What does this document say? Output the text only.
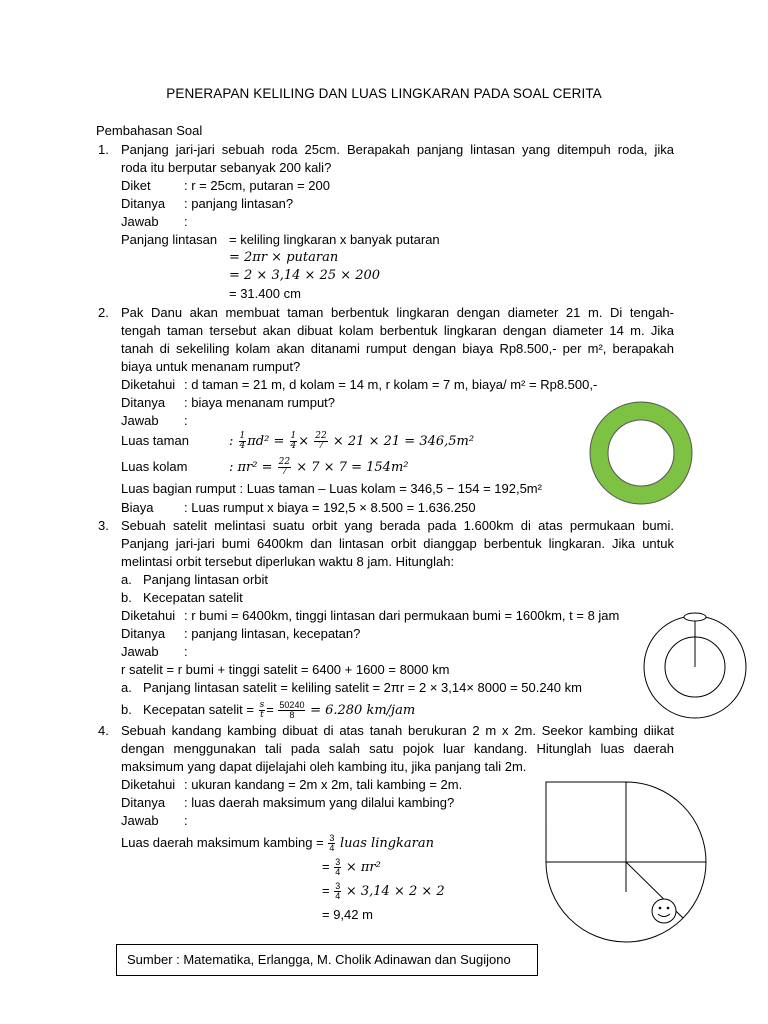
PENERAPAN KELILING DAN LUAS LINGKARAN PADA SOAL CERITA
Pembahasan Soal
1. Panjang jari-jari sebuah roda 25cm. Berapakah panjang lintasan yang ditempuh roda, jika
roda itu berputar sebanyak 200 kali?
Diket	: r = 25cm, putaran = 200
Ditanya : panjang lintasan?
Jawab :
Panjang lintasan = keliling lingkaran x banyak putaran
= 2πr × putaran
= 2 × 3,14 × 25 × 200
= 31.400 cm
2. Pak Danu akan membuat taman berbentuk lingkaran dengan diameter 21 m. Di tengah-
tengah taman tersebut akan dibuat kolam berbentuk lingkaran dengan diameter 14 m. Jika
tanah di sekeliling kolam akan ditanami rumput dengan biaya Rp8.500,- per m², berapakah
biaya untuk menanam rumput?
Diketahui : d taman = 21 m, d kolam = 14 m, r kolam = 7 m, biaya/ m² = Rp8.500,-
Ditanya : biaya menanam rumput?
Jawab :
Luas taman	: $\frac{1}{4} \pi d^2 = \frac{1}{4} \times \frac{22}{7} \times 21 \times 21 = 346,5m^2$
Luas kolam	: $\pi r^2 = \frac{22}{7} \times 7 \times 7 = 154m^2$
Luas bagian rumput : Luas taman – Luas kolam = 346,5 − 154 = 192,5m²
Biaya : Luas rumput x biaya = 192,5 × 8.500 = 1.636.250
3. Sebuah satelit melintasi suatu orbit yang berada pada 1.600km di atas permukaan bumi.
Panjang jari-jari bumi 6400km dan lintasan orbit dianggap berbentuk lingkaran. Jika untuk
melintasi orbit tersebut diperlukan waktu 8 jam. Hitunglah:
a. Panjang lintasan orbit
b. Kecepatan satelit
Diketahui : r bumi = 6400km, tinggi lintasan dari permukaan bumi = 1600km, t = 8 jam
Ditanya : panjang lintasan, kecepatan?
Jawab :
r satelit = r bumi + tinggi satelit = 6400 + 1600 = 8000 km
a. Panjang lintasan satelit = keliling satelit = 2πr = 2 × 3,14× 8000 = 50.240 km
b. Kecepatan satelit = $\frac{s}{t} = \frac{50240}{8} = 6.280$ km/jam
4. Sebuah kandang kambing dibuat di atas tanah berukuran 2 m x 2m. Seekor kambing diikat
dengan menggunakan tali pada salah satu pojok luar kandang. Hitunglah luas daerah
maksimum yang dapat dijelajahi oleh kambing itu, jika panjang tali 2m.
Diketahui : ukuran kandang = 2m x 2m, tali kambing = 2m.
Ditanya : luas daerah maksimum yang dilalui kambing?
Jawab :
Luas daerah maksimum kambing = $\frac{3}{4}$ luas lingkaran
= $\frac{3}{4} \times \pi r^2$
= $\frac{3}{4} \times 3,14 \times 2 \times 2$
= 9,42 m
Sumber : Matematika, Erlangga, M. Cholik Adinawan dan Sugijono
